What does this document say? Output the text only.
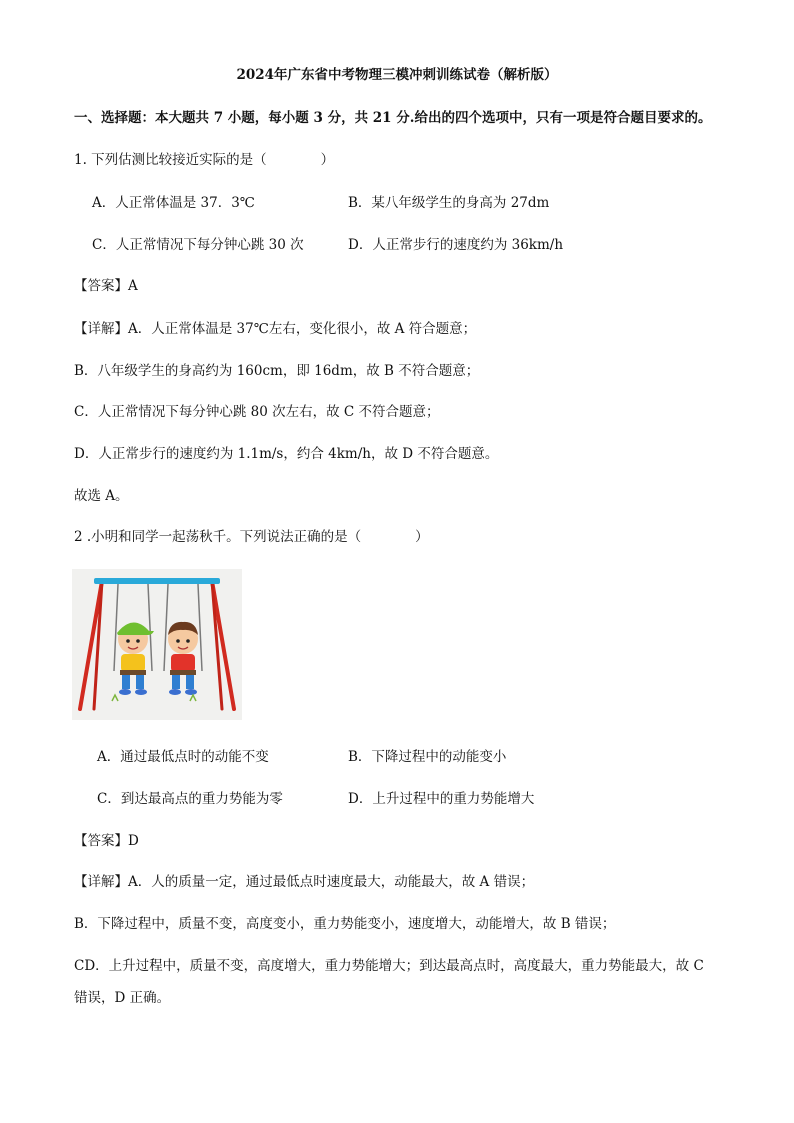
2024年广东省中考物理三模冲刺训练试卷（解析版）
一、选择题：本大题共 7 小题，每小题 3 分，共 21 分.给出的四个选项中，只有一项是符合题目要求的。
1. 下列估测比较接近实际的是（　　　　）
A．人正常体温是 37．3℃	B．某八年级学生的身高为 27dm
C．人正常情况下每分钟心跳 30 次	D．人正常步行的速度约为 36km/h
【答案】A
【详解】A．人正常体温是 37℃左右，变化很小，故 A 符合题意；
B．八年级学生的身高约为 160cm，即 16dm，故 B 不符合题意；
C．人正常情况下每分钟心跳 80 次左右，故 C 不符合题意；
D．人正常步行的速度约为 1.1m/s，约合 4km/h，故 D 不符合题意。
故选 A。
2 .小明和同学一起荡秋千。下列说法正确的是（　　　　）
A．通过最低点时的动能不变	B．下降过程中的动能变小
C．到达最高点的重力势能为零	D．上升过程中的重力势能增大
【答案】D
【详解】A．人的质量一定，通过最低点时速度最大，动能最大，故 A 错误；
B．下降过程中，质量不变，高度变小，重力势能变小，速度增大，动能增大，故 B 错误；
CD．上升过程中，质量不变，高度增大，重力势能增大；到达最高点时，高度最大，重力势能最大，故 C
错误，D 正确。
